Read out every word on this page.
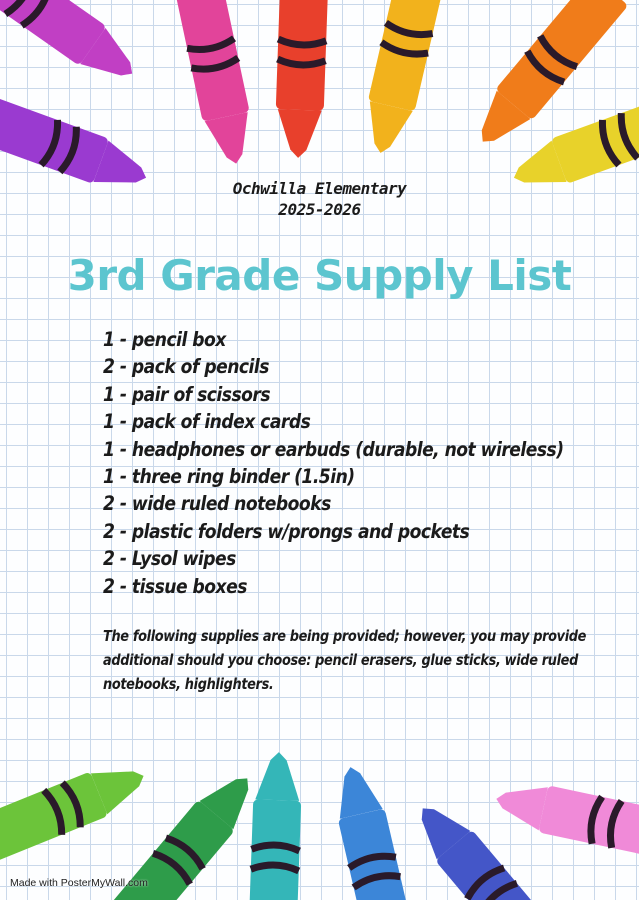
Ochwilla Elementary
2025-2026
3rd Grade Supply List
1 - pencil box
2 - pack of pencils
1 - pair of scissors
1 - pack of index cards
1 - headphones or earbuds (durable, not wireless)
1 - three ring binder (1.5in)
2 - wide ruled notebooks
2 - plastic folders w/prongs and pockets
2 - Lysol wipes
2 - tissue boxes
The following supplies are being provided; however, you may provide additional should you choose: pencil erasers, glue sticks, wide ruled notebooks, highlighters.
Made with PosterMyWall.com
